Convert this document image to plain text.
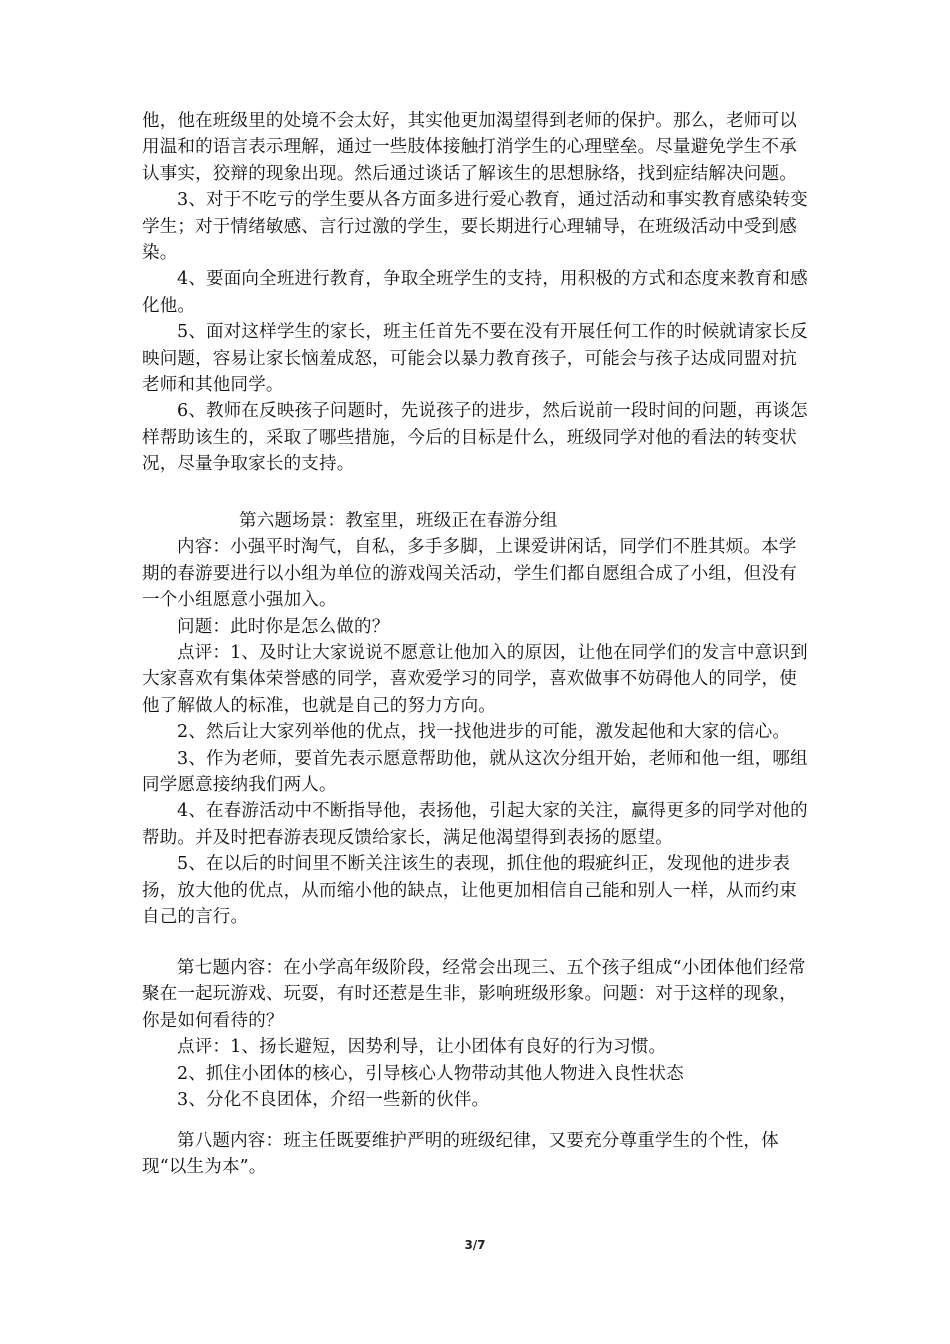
他，他在班级里的处境不会太好，其实他更加渴望得到老师的保护。那么，老师可以用温和的语言表示理解，通过一些肢体接触打消学生的心理壁垒。尽量避免学生不承认事实，狡辩的现象出现。然后通过谈话了解该生的思想脉络，找到症结解决问题。

3、对于不吃亏的学生要从各方面多进行爱心教育，通过活动和事实教育感染转变学生；对于情绪敏感、言行过激的学生，要长期进行心理辅导，在班级活动中受到感染。

4、要面向全班进行教育，争取全班学生的支持，用积极的方式和态度来教育和感化他。

5、面对这样学生的家长，班主任首先不要在没有开展任何工作的时候就请家长反映问题，容易让家长恼羞成怒，可能会以暴力教育孩子，可能会与孩子达成同盟对抗老师和其他同学。

6、教师在反映孩子问题时，先说孩子的进步，然后说前一段时间的问题，再谈怎样帮助该生的，采取了哪些措施，今后的目标是什么，班级同学对他的看法的转变状况，尽量争取家长的支持。

第六题场景：教室里，班级正在春游分组

内容：小强平时淘气，自私，多手多脚，上课爱讲闲话，同学们不胜其烦。本学期的春游要进行以小组为单位的游戏闯关活动，学生们都自愿组合成了小组，但没有一个小组愿意小强加入。

问题：此时你是怎么做的？

点评：1、及时让大家说说不愿意让他加入的原因，让他在同学们的发言中意识到大家喜欢有集体荣誉感的同学，喜欢爱学习的同学，喜欢做事不妨碍他人的同学，使他了解做人的标准，也就是自己的努力方向。

2、然后让大家列举他的优点，找一找他进步的可能，激发起他和大家的信心。

3、作为老师，要首先表示愿意帮助他，就从这次分组开始，老师和他一组，哪组同学愿意接纳我们两人。

4、在春游活动中不断指导他，表扬他，引起大家的关注，赢得更多的同学对他的帮助。并及时把春游表现反馈给家长，满足他渴望得到表扬的愿望。

5、在以后的时间里不断关注该生的表现，抓住他的瑕疵纠正，发现他的进步表扬，放大他的优点，从而缩小他的缺点，让他更加相信自己能和别人一样，从而约束自己的言行。

第七题内容：在小学高年级阶段，经常会出现三、五个孩子组成“小团体他们经常聚在一起玩游戏、玩耍，有时还惹是生非，影响班级形象。问题：对于这样的现象，你是如何看待的？

点评：1、扬长避短，因势利导，让小团体有良好的行为习惯。

2、抓住小团体的核心，引导核心人物带动其他人物进入良性状态

3、分化不良团体，介绍一些新的伙伴。

第八题内容：班主任既要维护严明的班级纪律，又要充分尊重学生的个性，体现“以生为本”。

3/7
